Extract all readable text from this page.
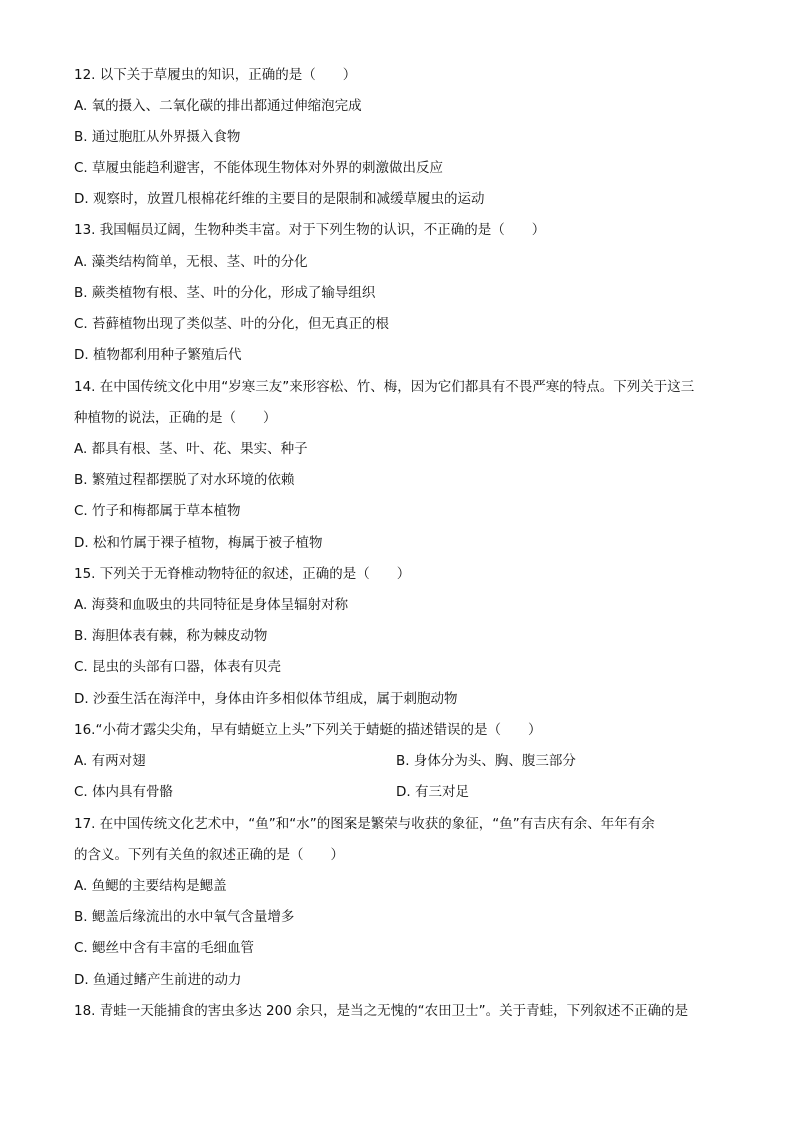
12. 以下关于草履虫的知识，正确的是（　　）
A. 氧的摄入、二氧化碳的排出都通过伸缩泡完成
B. 通过胞肛从外界摄入食物
C. 草履虫能趋利避害，不能体现生物体对外界的刺激做出反应
D. 观察时，放置几根棉花纤维的主要目的是限制和减缓草履虫的运动
13. 我国幅员辽阔，生物种类丰富。对于下列生物的认识，不正确的是（　　）
A. 藻类结构简单，无根、茎、叶的分化
B. 蕨类植物有根、茎、叶的分化，形成了输导组织
C. 苔藓植物出现了类似茎、叶的分化，但无真正的根
D. 植物都利用种子繁殖后代
14. 在中国传统文化中用“岁寒三友”来形容松、竹、梅，因为它们都具有不畏严寒的特点。下列关于这三
种植物的说法，正确的是（　　）
A. 都具有根、茎、叶、花、果实、种子
B. 繁殖过程都摆脱了对水环境的依赖
C. 竹子和梅都属于草本植物
D. 松和竹属于裸子植物，梅属于被子植物
15. 下列关于无脊椎动物特征的叙述，正确的是（　　）
A. 海葵和血吸虫的共同特征是身体呈辐射对称
B. 海胆体表有棘，称为棘皮动物
C. 昆虫的头部有口器，体表有贝壳
D. 沙蚕生活在海洋中，身体由许多相似体节组成，属于刺胞动物
16.“小荷才露尖尖角，早有蜻蜓立上头”下列关于蜻蜓的描述错误的是（　　）
A. 有两对翅	B. 身体分为头、胸、腹三部分
C. 体内具有骨骼	D. 有三对足
17. 在中国传统文化艺术中，“鱼”和“水”的图案是繁荣与收获的象征，“鱼”有吉庆有余、年年有余
的含义。下列有关鱼的叙述正确的是（　　）
A. 鱼鳃的主要结构是鳃盖
B. 鳃盖后缘流出的水中氧气含量增多
C. 鳃丝中含有丰富的毛细血管
D. 鱼通过鳍产生前进的动力
18. 青蛙一天能捕食的害虫多达 200 余只，是当之无愧的“农田卫士”。关于青蛙，下列叙述不正确的是
